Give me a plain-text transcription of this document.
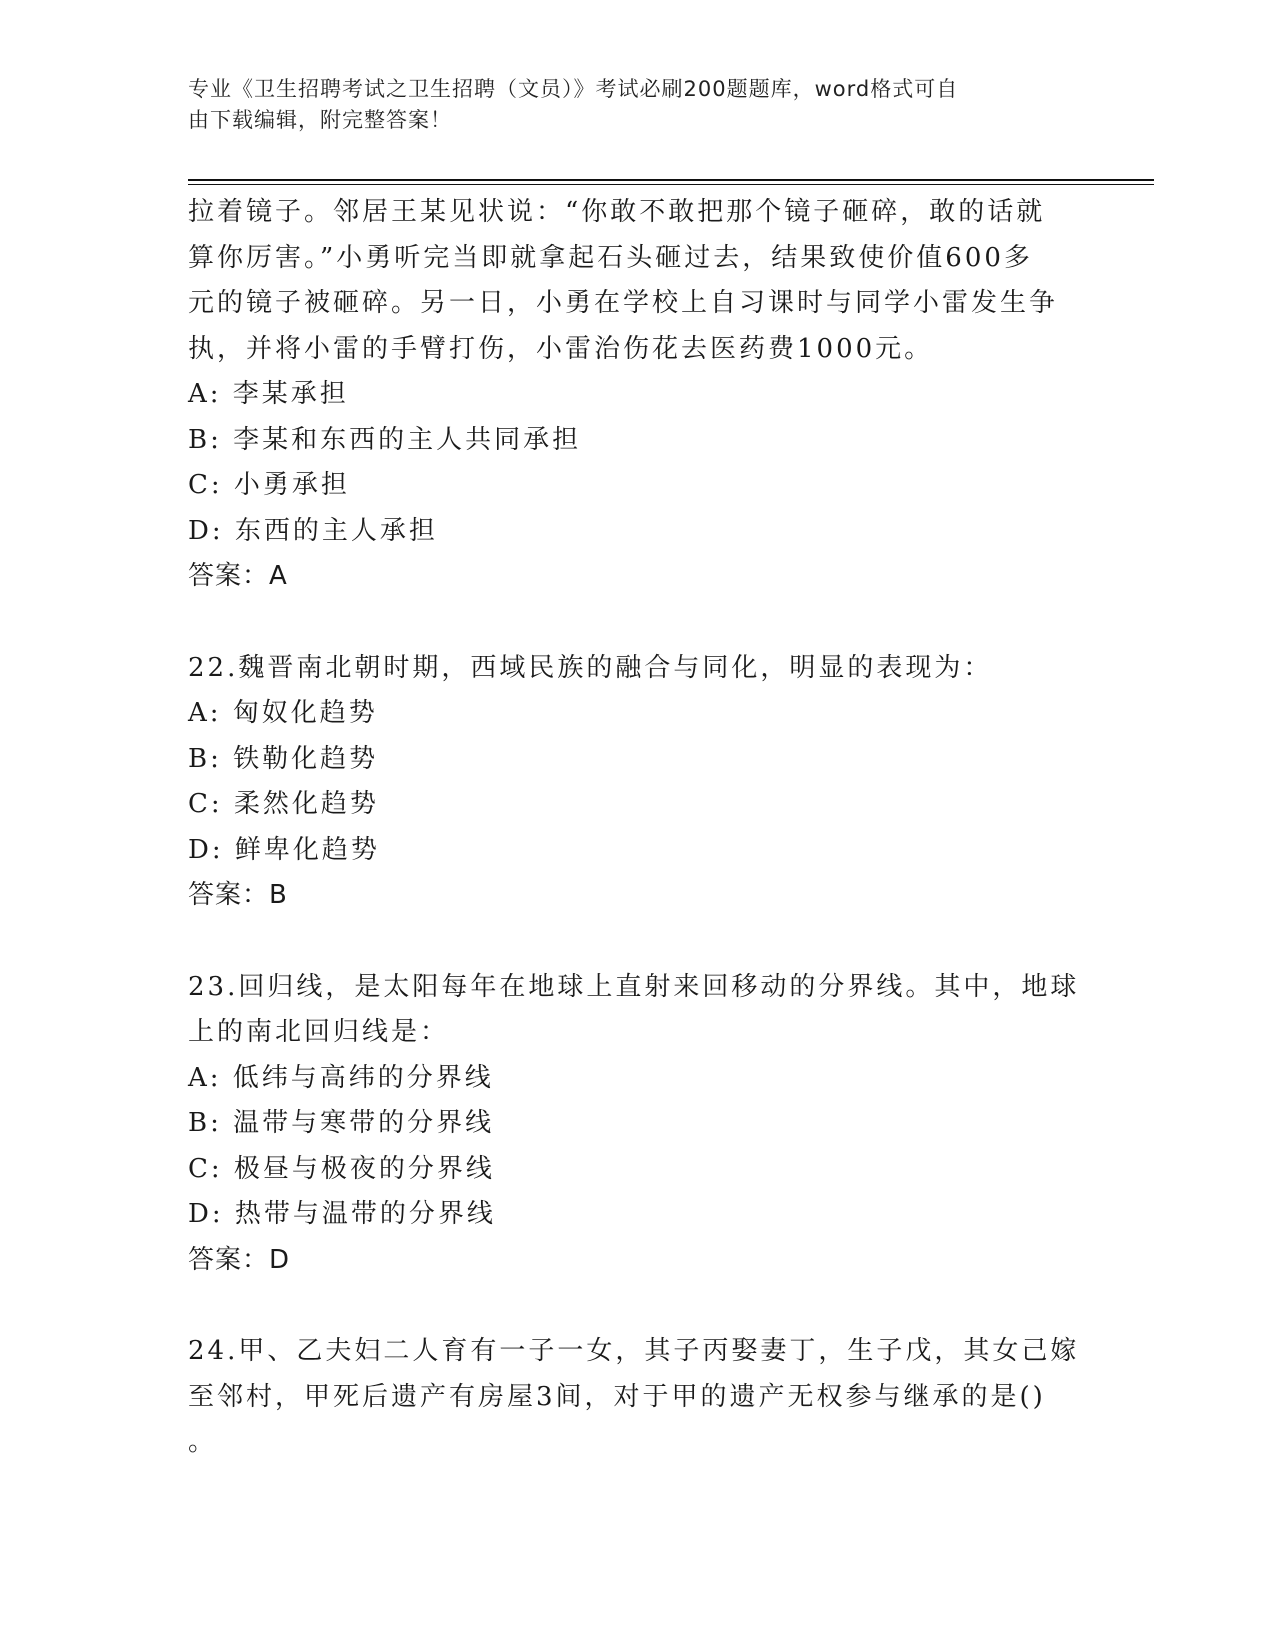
专业《卫生招聘考试之卫生招聘（文员）》考试必刷200题题库，word格式可自
由下载编辑，附完整答案！
拉着镜子。邻居王某见状说：“你敢不敢把那个镜子砸碎，敢的话就
算你厉害。”小勇听完当即就拿起石头砸过去，结果致使价值600多
元的镜子被砸碎。另一日，小勇在学校上自习课时与同学小雷发生争
执，并将小雷的手臂打伤，小雷治伤花去医药费1000元。
A: 李某承担
B: 李某和东西的主人共同承担
C: 小勇承担
D: 东西的主人承担
答案：A
22.魏晋南北朝时期，西域民族的融合与同化，明显的表现为：
A: 匈奴化趋势
B: 铁勒化趋势
C: 柔然化趋势
D: 鲜卑化趋势
答案：B
23.回归线，是太阳每年在地球上直射来回移动的分界线。其中，地球
上的南北回归线是：
A: 低纬与高纬的分界线
B: 温带与寒带的分界线
C: 极昼与极夜的分界线
D: 热带与温带的分界线
答案：D
24.甲、乙夫妇二人育有一子一女，其子丙娶妻丁，生子戊，其女己嫁
至邻村，甲死后遗产有房屋3间，对于甲的遗产无权参与继承的是()
。
